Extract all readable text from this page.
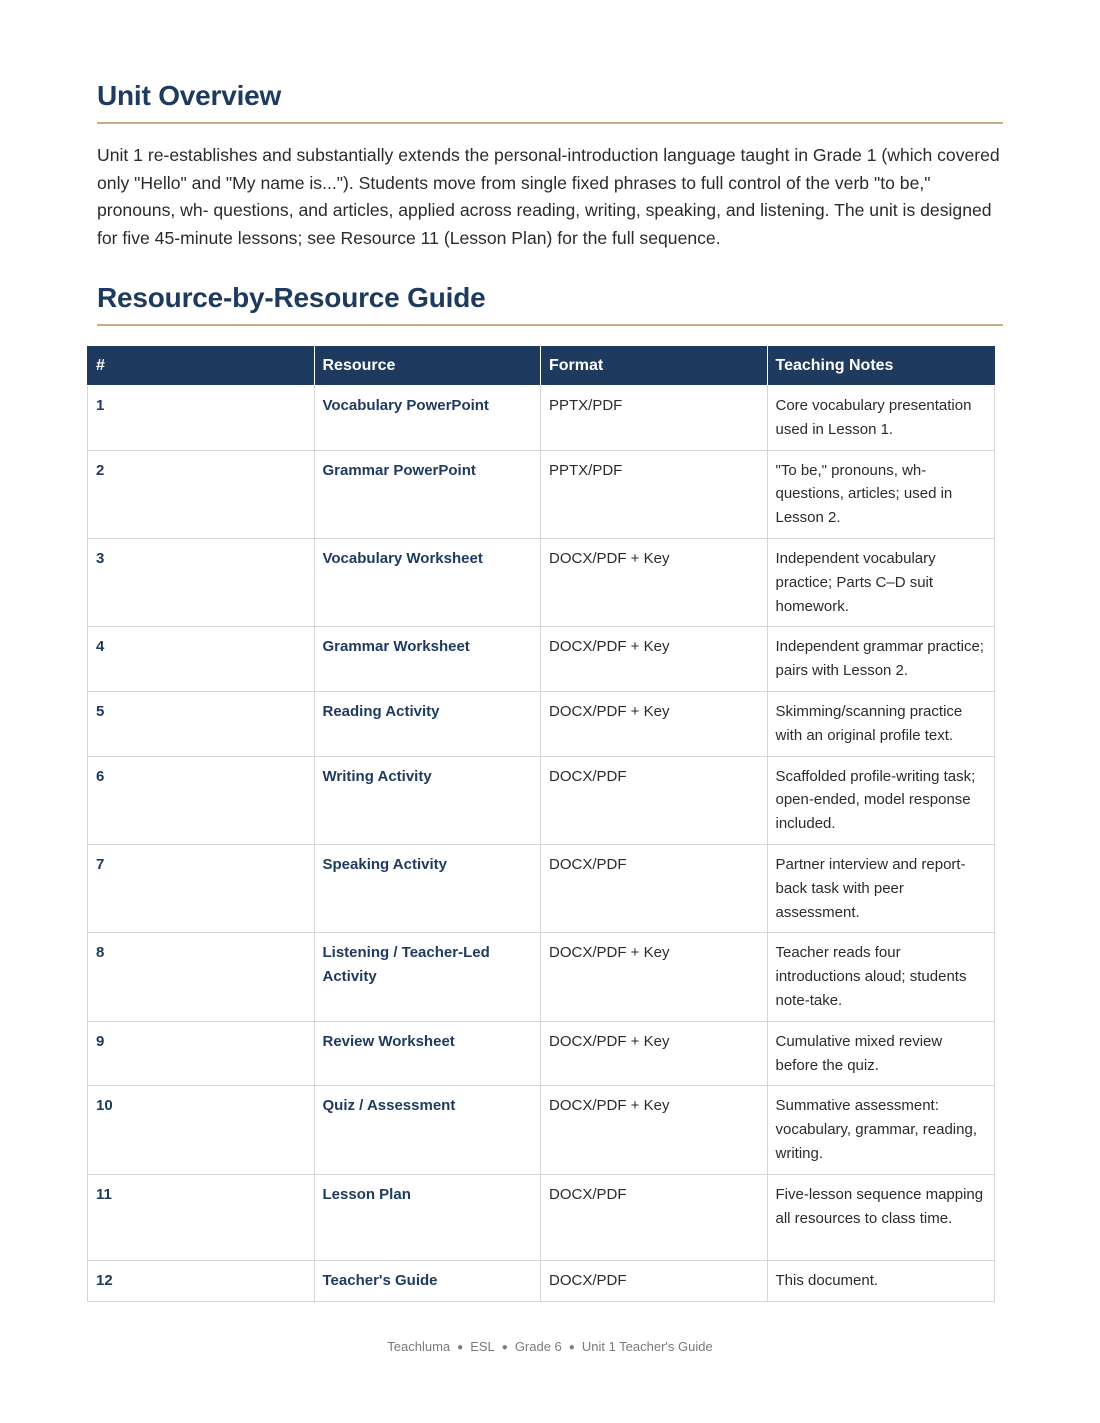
Unit Overview

Unit 1 re-establishes and substantially extends the personal-introduction language taught in Grade 1 (which covered only "Hello" and "My name is..."). Students move from single fixed phrases to full control of the verb "to be," pronouns, wh- questions, and articles, applied across reading, writing, speaking, and listening. The unit is designed for five 45-minute lessons; see Resource 11 (Lesson Plan) for the full sequence.

Resource-by-Resource Guide
#	Resource	Format	Teaching Notes
1	Vocabulary PowerPoint	PPTX/PDF	Core vocabulary presentation used in Lesson 1.
2	Grammar PowerPoint	PPTX/PDF	"To be," pronouns, wh- questions, articles; used in Lesson 2.
3	Vocabulary Worksheet	DOCX/PDF + Key	Independent vocabulary practice; Parts C–D suit homework.
4	Grammar Worksheet	DOCX/PDF + Key	Independent grammar practice; pairs with Lesson 2.
5	Reading Activity	DOCX/PDF + Key	Skimming/scanning practice with an original profile text.
6	Writing Activity	DOCX/PDF	Scaffolded profile-writing task; open-ended, model response included.
7	Speaking Activity	DOCX/PDF	Partner interview and report-back task with peer assessment.
8	Listening / Teacher-Led Activity	DOCX/PDF + Key	Teacher reads four introductions aloud; students note-take.
9	Review Worksheet	DOCX/PDF + Key	Cumulative mixed review before the quiz.
10	Quiz / Assessment	DOCX/PDF + Key	Summative assessment: vocabulary, grammar, reading, writing.
11	Lesson Plan	DOCX/PDF	Five-lesson sequence mapping all resources to class time.
12	Teacher's Guide	DOCX/PDF	This document.
Teachluma ● ESL ● Grade 6 ● Unit 1 Teacher's Guide
